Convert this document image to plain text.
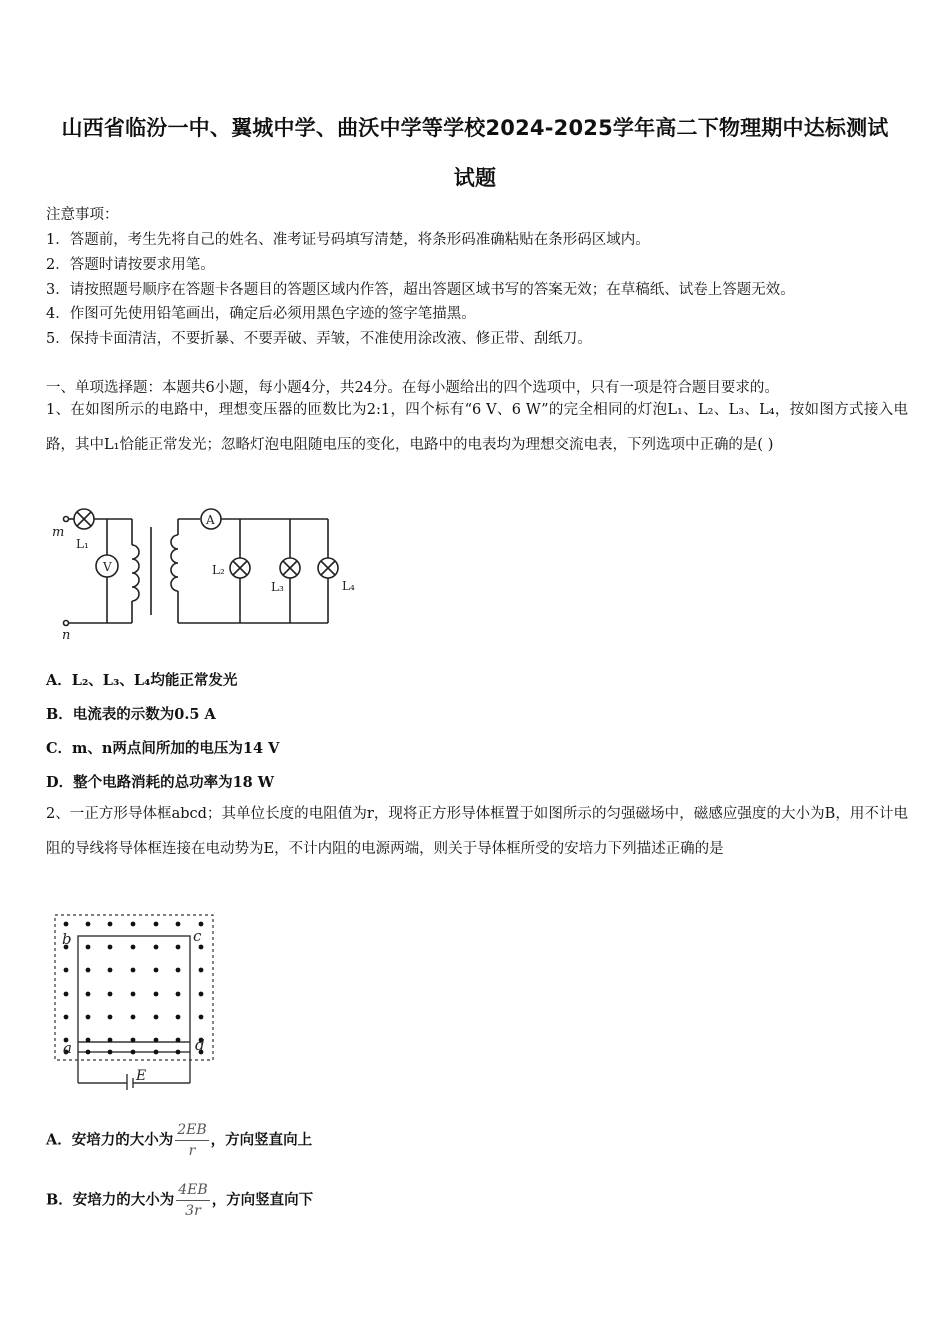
山西省临汾一中、翼城中学、曲沃中学等学校2024-2025学年高二下物理期中达标测试
试题
注意事项：
1．答题前，考生先将自己的姓名、准考证号码填写清楚，将条形码准确粘贴在条形码区域内。
2．答题时请按要求用笔。
3．请按照题号顺序在答题卡各题目的答题区域内作答，超出答题区域书写的答案无效；在草稿纸、试卷上答题无效。
4．作图可先使用铅笔画出，确定后必须用黑色字迹的签字笔描黑。
5．保持卡面清洁，不要折暴、不要弄破、弄皱，不准使用涂改液、修正带、刮纸刀。
一、单项选择题：本题共6小题，每小题4分，共24分。在每小题给出的四个选项中，只有一项是符合题目要求的。
1、在如图所示的电路中，理想变压器的匝数比为2:1，四个标有“6 V、6 W”的完全相同的灯泡L₁、L₂、L₃、L₄，按如图方式接入电路，其中L₁恰能正常发光；忽略灯泡电阻随电压的变化，电路中的电表均为理想交流电表，下列选项中正确的是( )
m
n
L₁
V
A
L₂
L₃	L₄
A．L₂、L₃、L₄均能正常发光
B．电流表的示数为0.5 A
C．m、n两点间所加的电压为14 V
D．整个电路消耗的总功率为18 W
2、一正方形导体框abcd；其单位长度的电阻值为r，现将正方形导体框置于如图所示的匀强磁场中，磁感应强度的大小为B，用不计电阻的导线将导体框连接在电动势为E，不计内阻的电源两端，则关于导体框所受的安培力下列描述正确的是
b	c
a	d
E
A．安培力的大小为 $\frac{2EB}{r}$ ，方向竖直向上
B．安培力的大小为 $\frac{4EB}{3r}$ ，方向竖直向下
